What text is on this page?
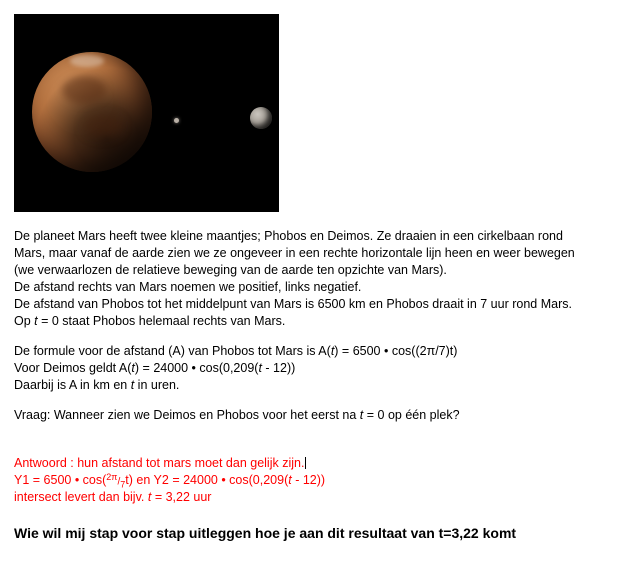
De planeet Mars heeft twee kleine maantjes; Phobos en Deimos. Ze draaien in een cirkelbaan rond
Mars, maar vanaf de aarde zien we ze ongeveer in een rechte horizontale lijn heen en weer bewegen
(we verwaarlozen de relatieve beweging van de aarde ten opzichte van Mars).
De afstand rechts van Mars noemen we positief, links negatief.
De afstand van Phobos tot het middelpunt van Mars is 6500 km en Phobos draait in 7 uur rond Mars.
Op t = 0 staat Phobos helemaal rechts van Mars.
De formule voor de afstand (A) van Phobos tot Mars is A(t) = 6500 • cos((2π/7)t)
Voor Deimos geldt A(t) = 24000 • cos(0,209(t - 12))
Daarbij is A in km en t in uren.
Vraag: Wanneer zien we Deimos en Phobos voor het eerst na t = 0 op één plek?
Antwoord : hun afstand tot mars moet dan gelijk zijn.
Y1 = 6500 • $\cos(^{2\pi}/_7t)$ en Y2 = 24000 • cos(0,209(t - 12))
intersect levert dan bijv. t = 3,22 uur
Wie wil mij stap voor stap uitleggen hoe je aan dit resultaat van t=3,22 komt
